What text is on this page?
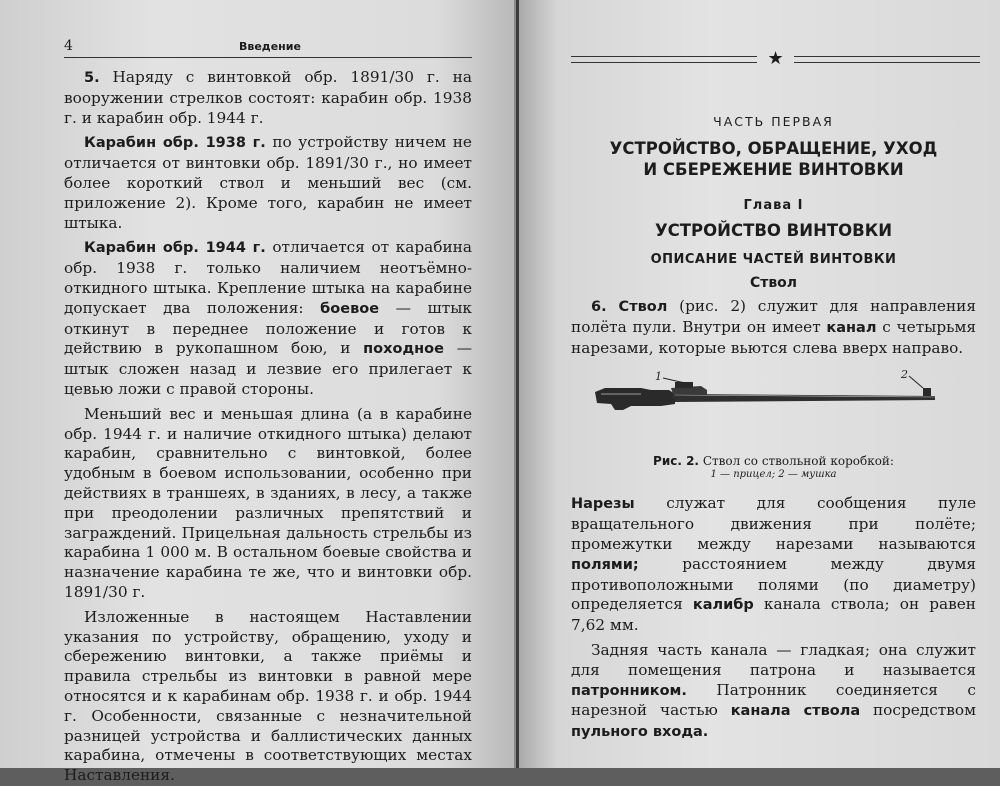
4	Введение

5. Наряду с винтовкой обр. 1891/30 г. на вооружении стрелков состоят: карабин обр. 1938 г. и карабин обр. 1944 г.

Карабин обр. 1938 г. по устройству ничем не отличается от винтовки обр. 1891/30 г., но имеет более короткий ствол и меньший вес (см. приложение 2). Кроме того, карабин не имеет штыка.

Карабин обр. 1944 г. отличается от карабина обр. 1938 г. только наличием неотъёмно-откидного штыка. Крепление штыка на карабине допускает два положения: боевое — штык откинут в переднее положение и готов к действию в рукопашном бою, и походное — штык сложен назад и лезвие его прилегает к цевью ложи с правой стороны.

Меньший вес и меньшая длина (а в карабине обр. 1944 г. и наличие откидного штыка) делают карабин, сравнительно с винтовкой, более удобным в боевом использовании, особенно при действиях в траншеях, в зданиях, в лесу, а также при преодолении различных препятствий и заграждений. Прицельная дальность стрельбы из карабина 1 000 м. В остальном боевые свойства и назначение карабина те же, что и винтовки обр. 1891/30 г.

Изложенные в настоящем Наставлении указания по устройству, обращению, уходу и сбережению винтовки, а также приёмы и правила стрельбы из винтовки в равной мере относятся и к карабинам обр. 1938 г. и обр. 1944 г. Особенности, связанные с незначительной разницей устройства и баллистических данных карабина, отмечены в соответствующих местах Наставления.

★
ЧАСТЬ ПЕРВАЯ
УСТРОЙСТВО, ОБРАЩЕНИЕ, УХОД
И СБЕРЕЖЕНИЕ ВИНТОВКИ
Глава I
УСТРОЙСТВО ВИНТОВКИ
ОПИСАНИЕ ЧАСТЕЙ ВИНТОВКИ
Ствол

6. Ствол (рис. 2) служит для направления полёта пули. Внутри он имеет канал с четырьмя нарезами, которые вьются слева вверх направо.

1	2
Рис. 2. Ствол со ствольной коробкой:
1 — прицел; 2 — мушка

Нарезы служат для сообщения пуле вращательного движения при полёте; промежутки между нарезами называются полями; расстоянием между двумя противоположными полями (по диаметру) определяется калибр канала ствола; он равен 7,62 мм.

Задняя часть канала — гладкая; она служит для помещения патрона и называется патронником. Патронник соединяется с нарезной частью канала ствола посредством пульного входа.
